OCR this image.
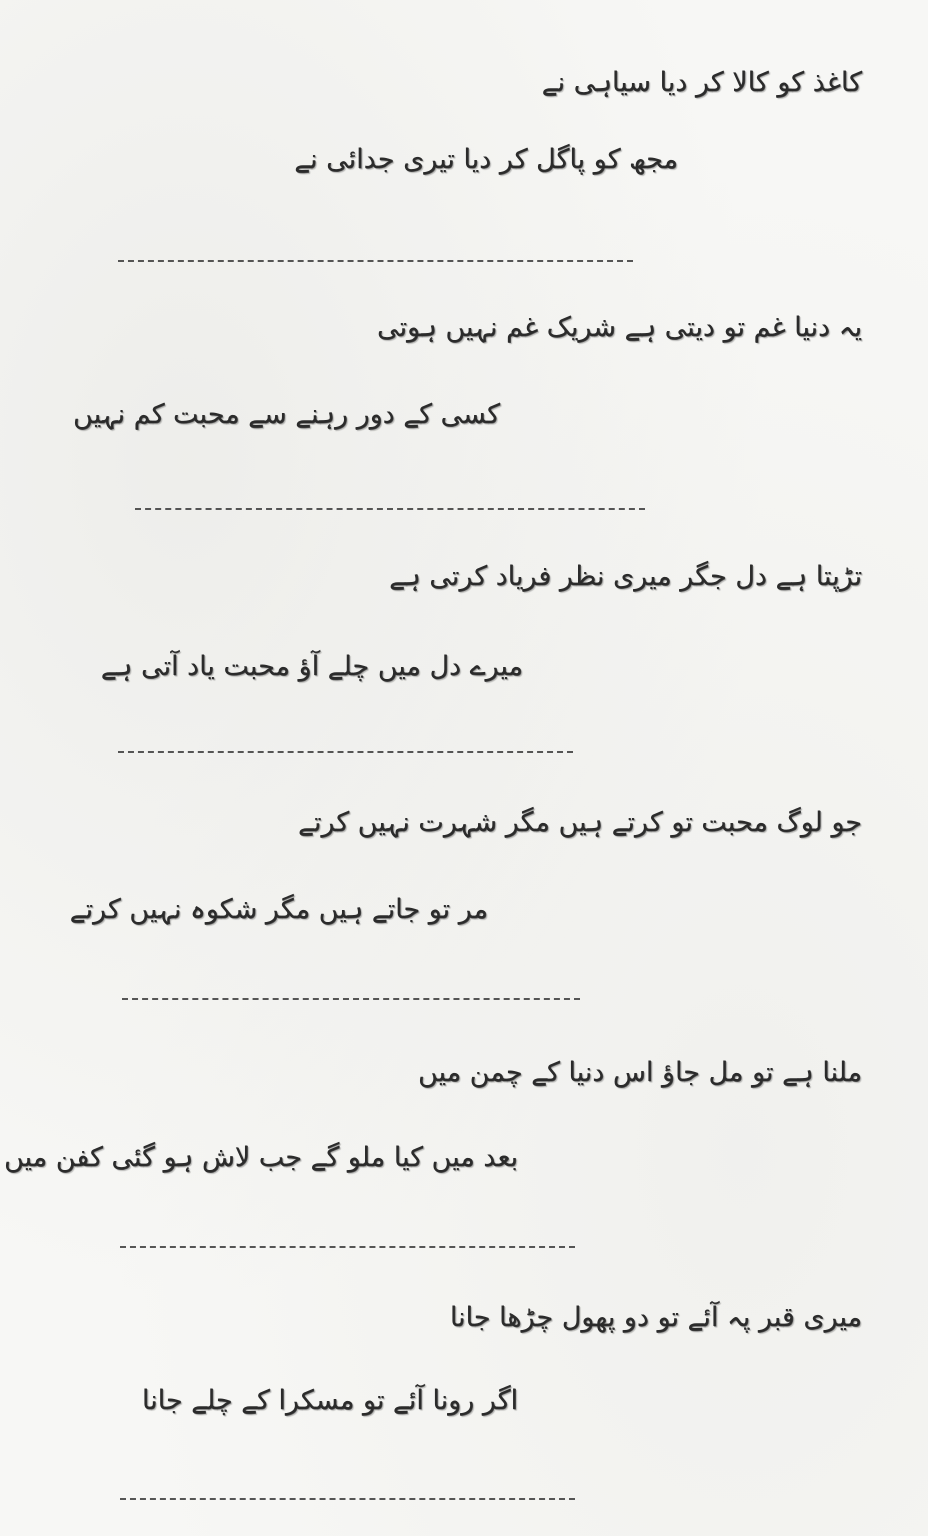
کاغذ کو کالا کر دیا سیاہی نے
مجھ کو پاگل کر دیا تیری جدائی نے
یہ دنیا غم تو دیتی ہے شریک غم نہیں ہوتی
کسی کے دور رہنے سے محبت کم نہیں
تڑپتا ہے دل جگر میری نظر فریاد کرتی ہے
میرے دل میں چلے آؤ محبت یاد آتی ہے
جو لوگ محبت تو کرتے ہیں مگر شہرت نہیں کرتے
مر تو جاتے ہیں مگر شکوہ نہیں کرتے
ملنا ہے تو مل جاؤ اس دنیا کے چمن میں
بعد میں کیا ملو گے جب لاش ہو گئی کفن میں
میری قبر پہ آئے تو دو پھول چڑھا جانا
اگر رونا آئے تو مسکرا کے چلے جانا
